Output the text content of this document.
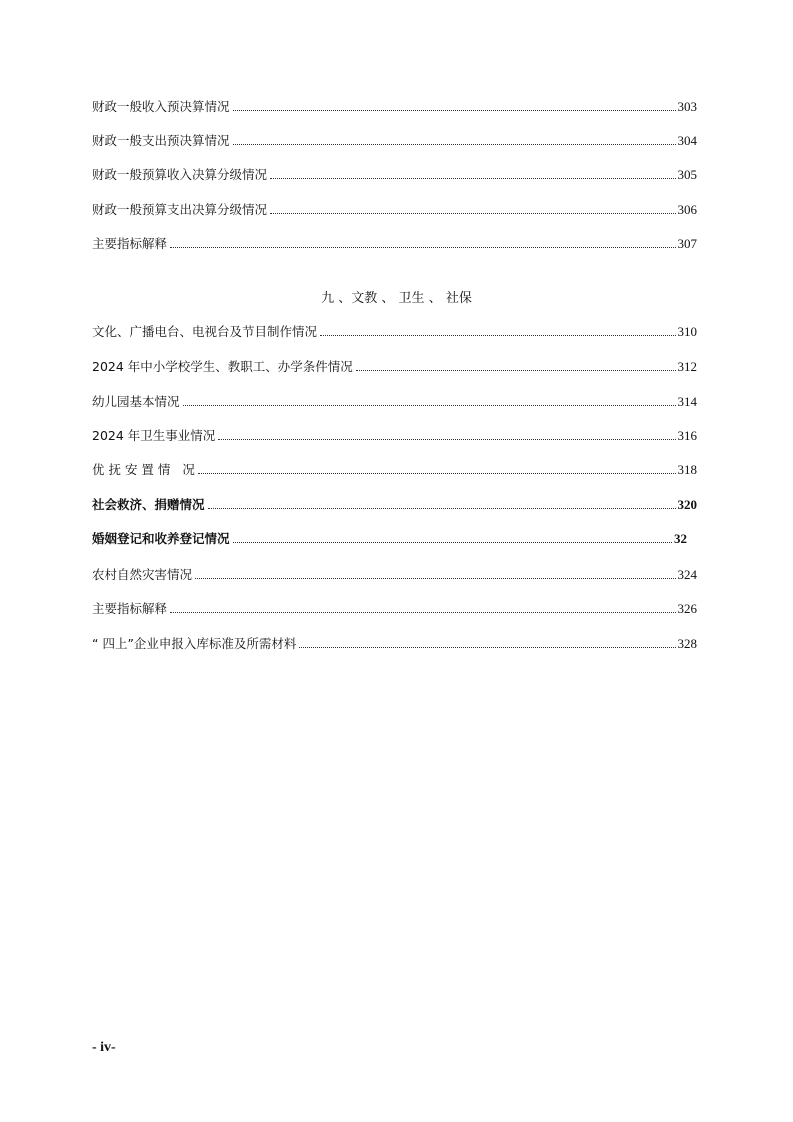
财政一般收入预决算情况	303
财政一般支出预决算情况	304
财政一般预算收入决算分级情况	305
财政一般预算支出决算分级情况	306
主要指标解释	307
九 、文教 、 卫生 、 社保
文化、广播电台、电视台及节目制作情况	310
2024 年中小学校学生、教职工、办学条件情况	312
幼儿园基本情况	314
2024 年卫生事业情况	316
优 抚 安 置 情   况	318
社会救济、捐赠情况	320
婚姻登记和收养登记情况	32
农村自然灾害情况	324
主要指标解释	326
“ 四上”企业申报入库标准及所需材料	328
- iv-
